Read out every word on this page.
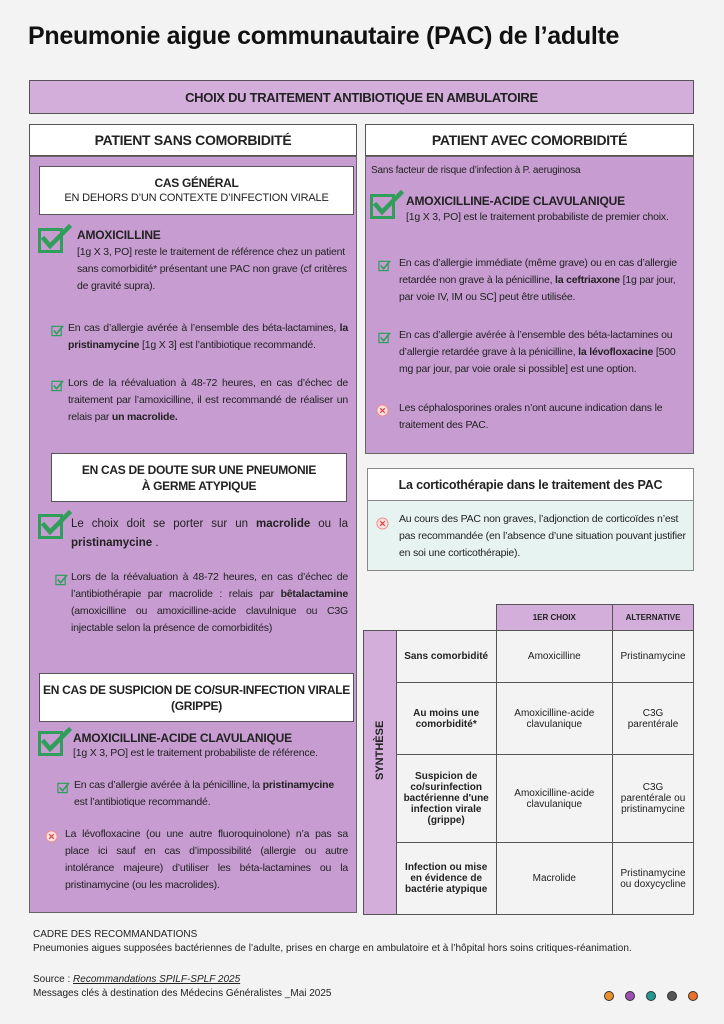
Pneumonie aigue communautaire (PAC) de l’adulte
CHOIX DU TRAITEMENT ANTIBIOTIQUE EN AMBULATOIRE
PATIENT SANS COMORBIDITÉ
CAS GÉNÉRAL
EN DEHORS D’UN CONTEXTE D’INFECTION VIRALE
AMOXICILLINE
[1g X 3, PO] reste le traitement de référence chez un patient sans comorbidité* présentant une PAC non grave (cf critères de gravité supra).
En cas d’allergie avérée à l’ensemble des béta-lactamines, la pristinamycine [1g X 3] est l’antibiotique recommandé.
Lors de la réévaluation à 48-72 heures, en cas d’échec de traitement par l’amoxicilline, il est recommandé de réaliser un relais par un macrolide.
EN CAS DE DOUTE SUR UNE PNEUMONIE
À GERME ATYPIQUE
Le choix doit se porter sur un macrolide ou la pristinamycine .
Lors de la réévaluation à 48-72 heures, en cas d’échec de l’antibiothérapie par macrolide : relais par bêtalactamine (amoxicilline ou amoxicilline-acide clavulnique ou C3G injectable selon la présence de comorbidités)
EN CAS DE SUSPICION DE CO/SUR-INFECTION VIRALE
(GRIPPE)
AMOXICILLINE-ACIDE CLAVULANIQUE
[1g X 3, PO] est le traitement probabiliste de référence.
En cas d’allergie avérée à la pénicilline, la pristinamycine est l’antibiotique recommandé.
La lévofloxacine (ou une autre fluoroquinolone) n’a pas sa place ici sauf en cas d’impossibilité (allergie ou autre intolérance majeure) d’utiliser les béta-lactamines ou la pristinamycine (ou les macrolides).
PATIENT AVEC COMORBIDITÉ
Sans facteur de risque d’infection à P. aeruginosa
AMOXICILLINE-ACIDE CLAVULANIQUE
[1g X 3, PO] est le traitement probabiliste de premier choix.
En cas d’allergie immédiate (même grave) ou en cas d’allergie retardée non grave à la pénicilline, la ceftriaxone [1g par jour, par voie IV, IM ou SC] peut être utilisée.
En cas d’allergie avérée à l’ensemble des béta-lactamines ou d’allergie retardée grave à la pénicilline, la lévofloxacine [500 mg par jour, par voie orale si possible] est une option.
Les céphalosporines orales n’ont aucune indication dans le traitement des PAC.
La corticothérapie dans le traitement des PAC
Au cours des PAC non graves, l’adjonction de corticoïdes n’est pas recommandée (en l’absence d’une situation pouvant justifier en soi une corticothérapie).
		1ER CHOIX	ALTERNATIVE

SYNTHÈSE	Sans comorbidité	Amoxicilline	Pristinamycine
	Au moins une comorbidité*	Amoxicilline-acide clavulanique	C3G parentérale
	Suspicion de co/surinfection bactérienne d'une infection virale (grippe)	Amoxicilline-acide clavulanique	C3G parentérale ou pristinamycine
	Infection ou mise en évidence de bactérie atypique	Macrolide	Pristinamycine ou doxycycline
CADRE DES RECOMMANDATIONS
Pneumonies aigues supposées bactériennes de l’adulte, prises en charge en ambulatoire et à l’hôpital hors soins critiques-réanimation.
Source : Recommandations SPILF-SPLF 2025
Messages clés à destination des Médecins Généralistes _Mai 2025
